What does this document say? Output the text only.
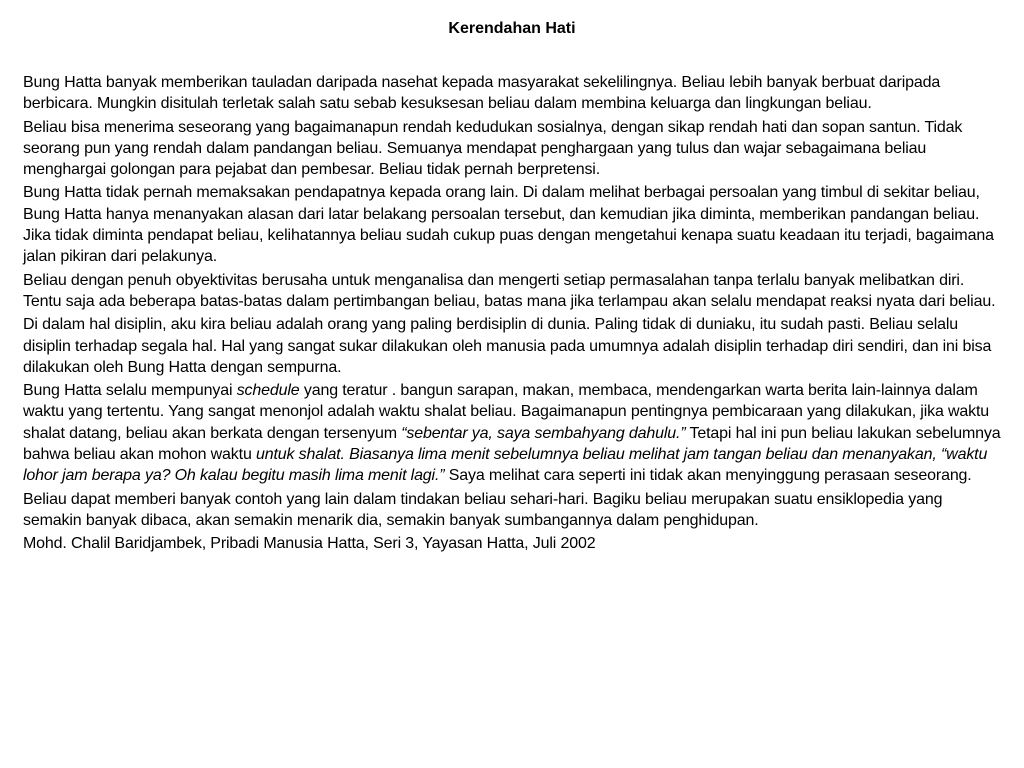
Kerendahan Hati

Bung Hatta banyak memberikan tauladan daripada nasehat kepada masyarakat sekelilingnya. Beliau lebih banyak berbuat daripada berbicara. Mungkin disitulah terletak salah satu sebab kesuksesan beliau dalam membina keluarga dan lingkungan beliau.

Beliau bisa menerima seseorang yang bagaimanapun rendah kedudukan sosialnya, dengan sikap rendah hati dan sopan santun. Tidak seorang pun yang rendah dalam pandangan beliau. Semuanya mendapat penghargaan yang tulus dan wajar sebagaimana beliau menghargai golongan para pejabat dan pembesar. Beliau tidak pernah berpretensi.

Bung Hatta tidak pernah memaksakan pendapatnya kepada orang lain. Di dalam melihat berbagai persoalan yang timbul di sekitar beliau, Bung Hatta hanya menanyakan alasan dari latar belakang persoalan tersebut, dan kemudian jika diminta, memberikan pandangan beliau. Jika tidak diminta pendapat beliau, kelihatannya beliau sudah cukup puas dengan mengetahui kenapa suatu keadaan itu terjadi, bagaimana jalan pikiran dari pelakunya.

Beliau dengan penuh obyektivitas berusaha untuk menganalisa dan mengerti setiap permasalahan tanpa terlalu banyak melibatkan diri. Tentu saja ada beberapa batas-batas dalam pertimbangan beliau, batas mana jika terlampau akan selalu mendapat reaksi nyata dari beliau.

Di dalam hal disiplin, aku kira beliau adalah orang yang paling berdisiplin di dunia. Paling tidak di duniaku, itu sudah pasti. Beliau selalu disiplin terhadap segala hal. Hal yang sangat sukar dilakukan oleh manusia pada umumnya adalah disiplin terhadap diri sendiri, dan ini bisa dilakukan oleh Bung Hatta dengan sempurna.

Bung Hatta selalu mempunyai schedule yang teratur . bangun sarapan, makan, membaca, mendengarkan warta berita lain-lainnya dalam waktu yang tertentu. Yang sangat menonjol adalah waktu shalat beliau. Bagaimanapun pentingnya pembicaraan yang dilakukan, jika waktu shalat datang, beliau akan berkata dengan tersenyum “sebentar ya, saya sembahyang dahulu.” Tetapi hal ini pun beliau lakukan sebelumnya bahwa beliau akan mohon waktu untuk shalat. Biasanya lima menit sebelumnya beliau melihat jam tangan beliau dan menanyakan, “waktu lohor jam berapa ya? Oh kalau begitu masih lima menit lagi.” Saya melihat cara seperti ini tidak akan menyinggung perasaan seseorang.

Beliau dapat memberi banyak contoh yang lain dalam tindakan beliau sehari-hari. Bagiku beliau merupakan suatu ensiklopedia yang semakin banyak dibaca, akan semakin menarik dia, semakin banyak sumbangannya dalam penghidupan.

Mohd. Chalil Baridjambek, Pribadi Manusia Hatta, Seri 3, Yayasan Hatta, Juli 2002
